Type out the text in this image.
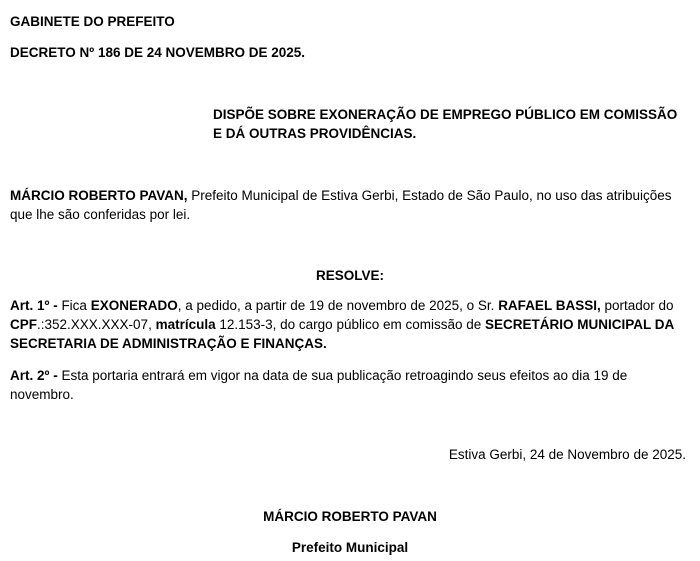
GABINETE DO PREFEITO
DECRETO Nº 186 DE 24 NOVEMBRO DE 2025.
DISPÕE SOBRE EXONERAÇÃO DE EMPREGO PÚBLICO EM COMISSÃO E DÁ OUTRAS PROVIDÊNCIAS.
MÁRCIO ROBERTO PAVAN, Prefeito Municipal de Estiva Gerbi, Estado de São Paulo, no uso das atribuições que lhe são conferidas por lei.
RESOLVE:
Art. 1º - Fica EXONERADO, a pedido, a partir de 19 de novembro de 2025, o Sr. RAFAEL BASSI, portador do CPF.:352.XXX.XXX-07, matrícula 12.153-3, do cargo público em comissão de SECRETÁRIO MUNICIPAL DA SECRETARIA DE ADMINISTRAÇÃO E FINANÇAS.
Art. 2º - Esta portaria entrará em vigor na data de sua publicação retroagindo seus efeitos ao dia 19 de novembro.
Estiva Gerbi, 24 de Novembro de 2025.
MÁRCIO ROBERTO PAVAN
Prefeito Municipal
